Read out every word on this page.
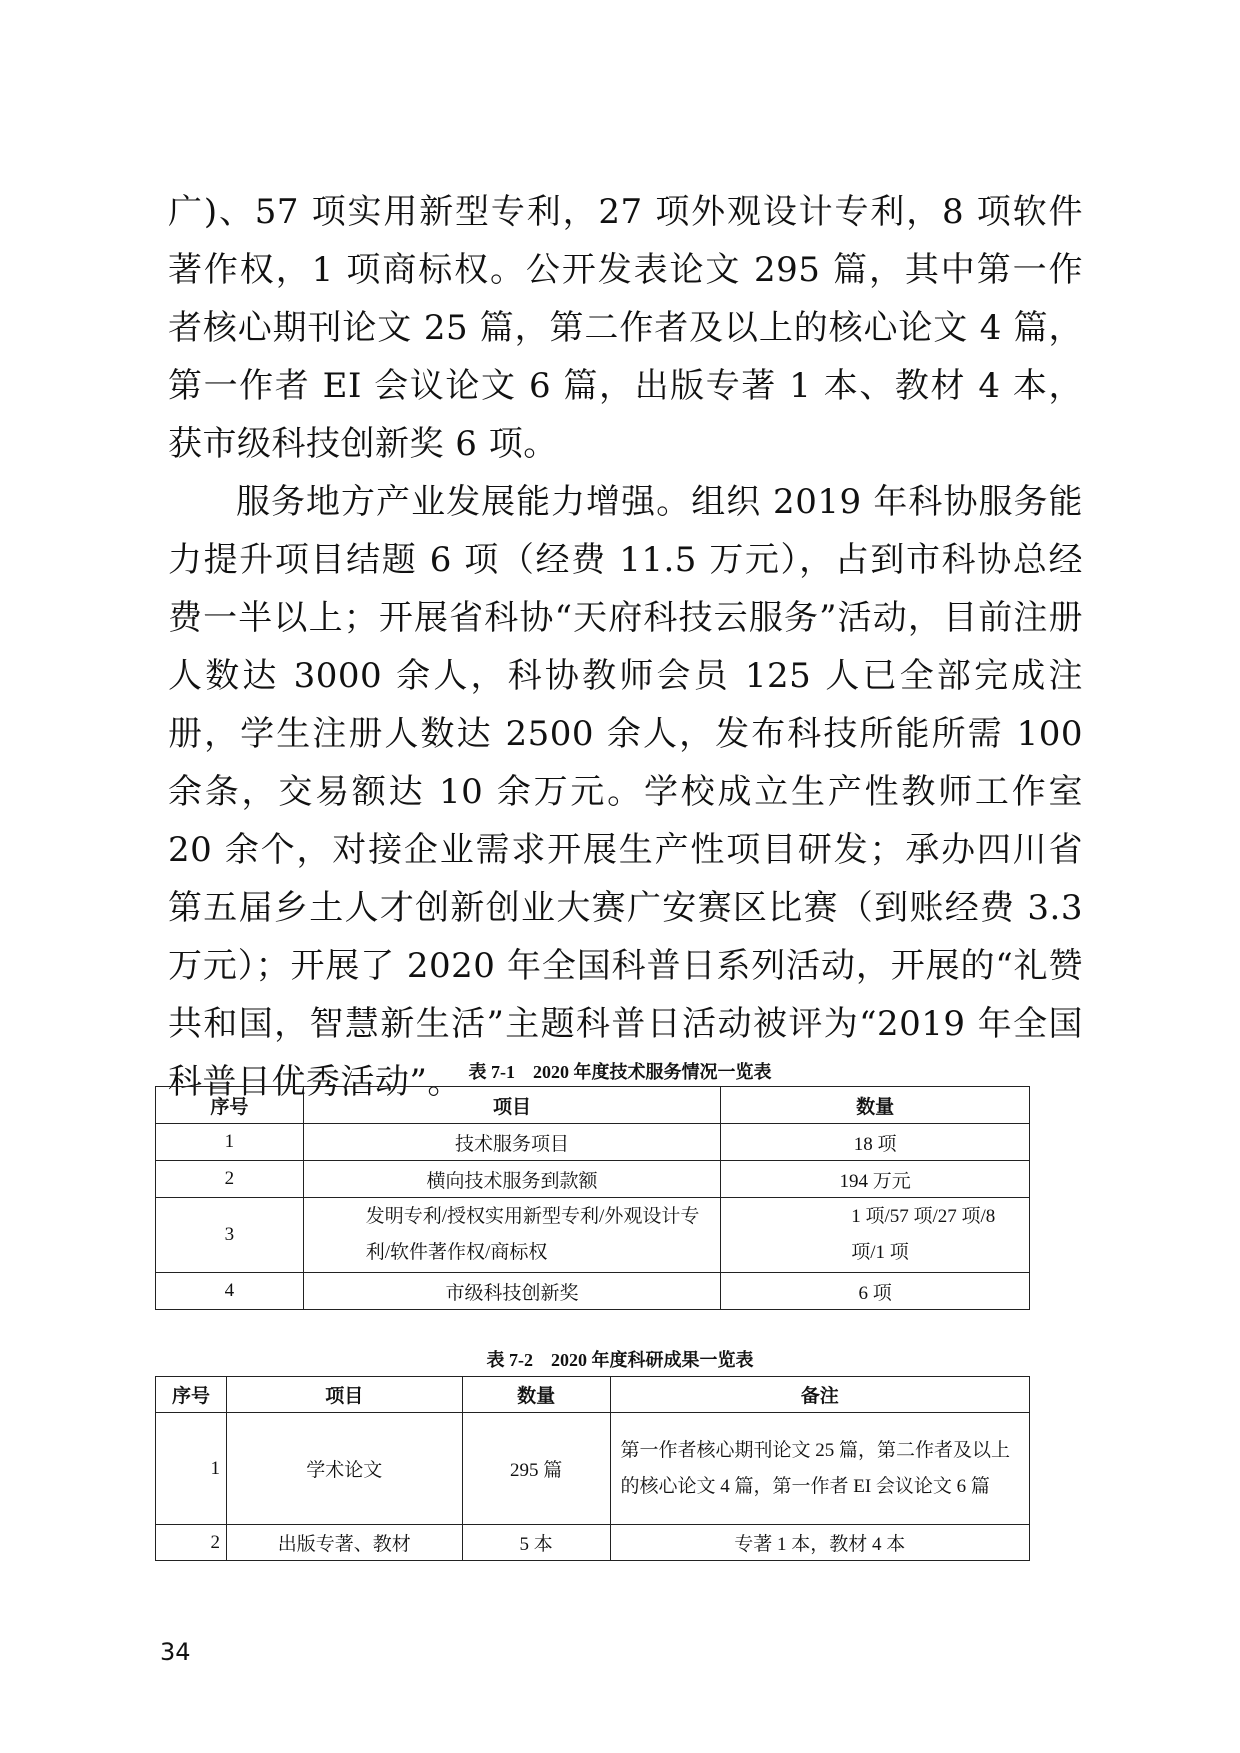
广)、57 项实用新型专利，27 项外观设计专利，8 项软件著作权，1 项商标权。公开发表论文 295 篇，其中第一作者核心期刊论文 25 篇，第二作者及以上的核心论文 4 篇，第一作者 EI 会议论文 6 篇，出版专著 1 本、教材 4 本，获市级科技创新奖 6 项。

服务地方产业发展能力增强。组织 2019 年科协服务能力提升项目结题 6 项（经费 11.5 万元），占到市科协总经费一半以上；开展省科协“天府科技云服务”活动，目前注册人数达 3000 余人，科协教师会员 125 人已全部完成注册，学生注册人数达 2500 余人，发布科技所能所需 100 余条，交易额达 10 余万元。学校成立生产性教师工作室 20 余个，对接企业需求开展生产性项目研发；承办四川省第五届乡土人才创新创业大赛广安赛区比赛（到账经费 3.3 万元）；开展了 2020 年全国科普日系列活动，开展的“礼赞共和国，智慧新生活”主题科普日活动被评为“2019 年全国科普日优秀活动”。 表 7-1　2020 年度技术服务情况一览表
序号	项目	数量
1	技术服务项目	18 项
2	横向技术服务到款额	194 万元
3	发明专利/授权实用新型专利/外观设计专利/软件著作权/商标权	1 项/57 项/27 项/8 项/1 项
4	市级科技创新奖	6 项
表 7-2　2020 年度科研成果一览表
序号	项目	数量	备注
1	学术论文	295 篇	第一作者核心期刊论文 25 篇，第二作者及以上的核心论文 4 篇，第一作者 EI 会议论文 6 篇
2	出版专著、教材	5 本	专著 1 本，教材 4 本
34
